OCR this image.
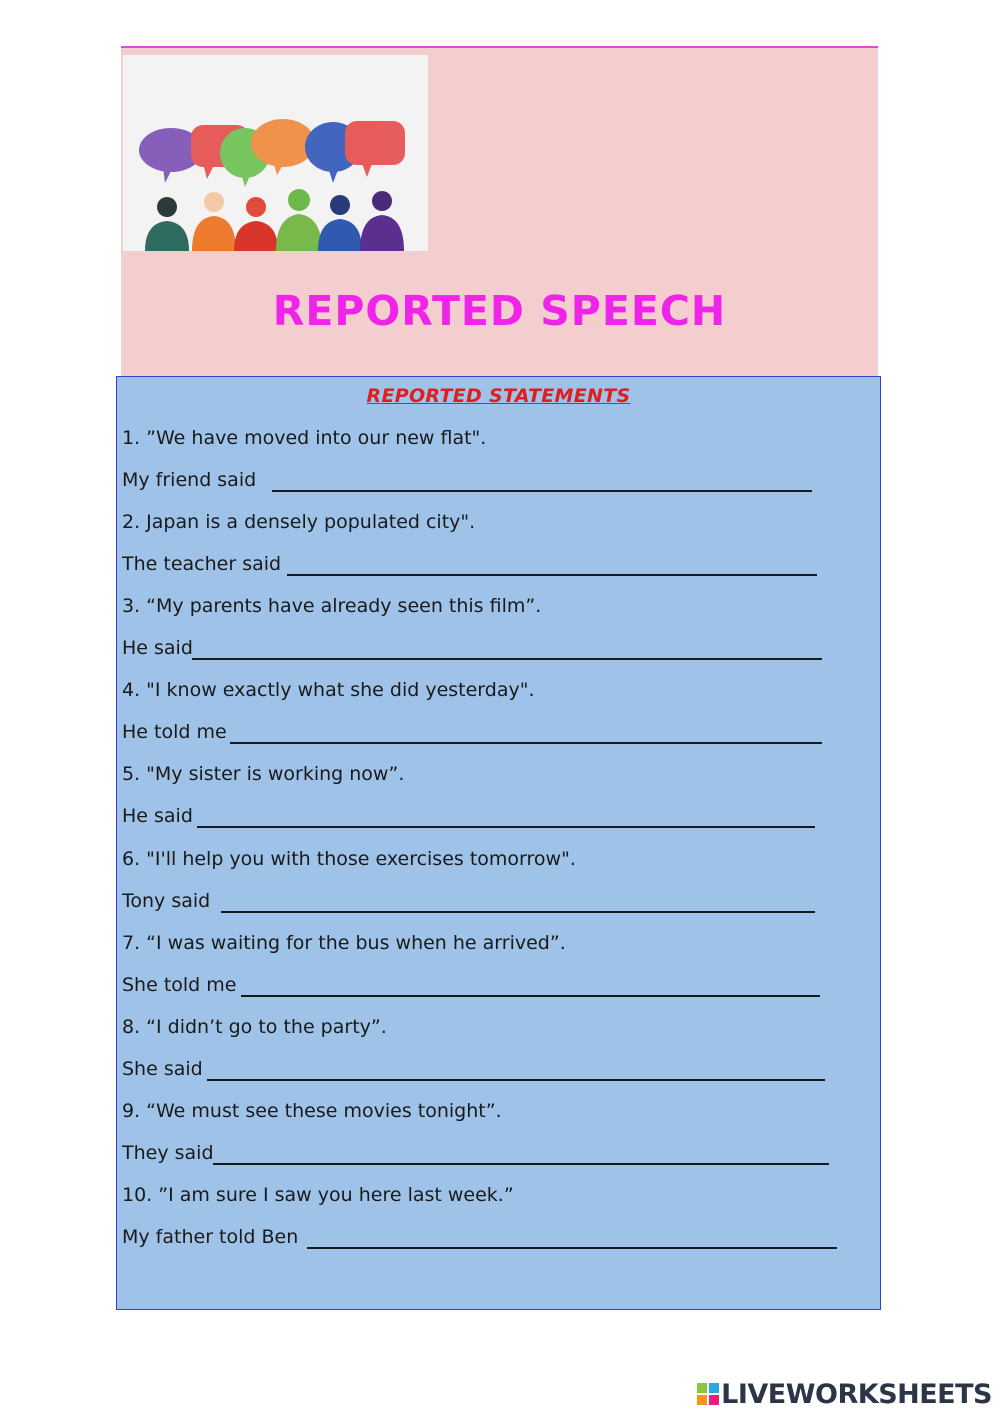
REPORTED SPEECH
REPORTED STATEMENTS
1. ”We have moved into our new flat".
My friend said
2. Japan is a densely populated city".
The teacher said
3. “My parents have already seen this film”.
He said
4. "I know exactly what she did yesterday".
He told me
5. "My sister is working now”.
He said
6. "I'll help you with those exercises tomorrow".
Tony said
7. “I was waiting for the bus when he arrived”.
She told me
8. “I didn’t go to the party”.
She said
9. “We must see these movies tonight”.
They said
10. ”I am sure I saw you here last week.”
My father told Ben
LIVEWORKSHEETS
